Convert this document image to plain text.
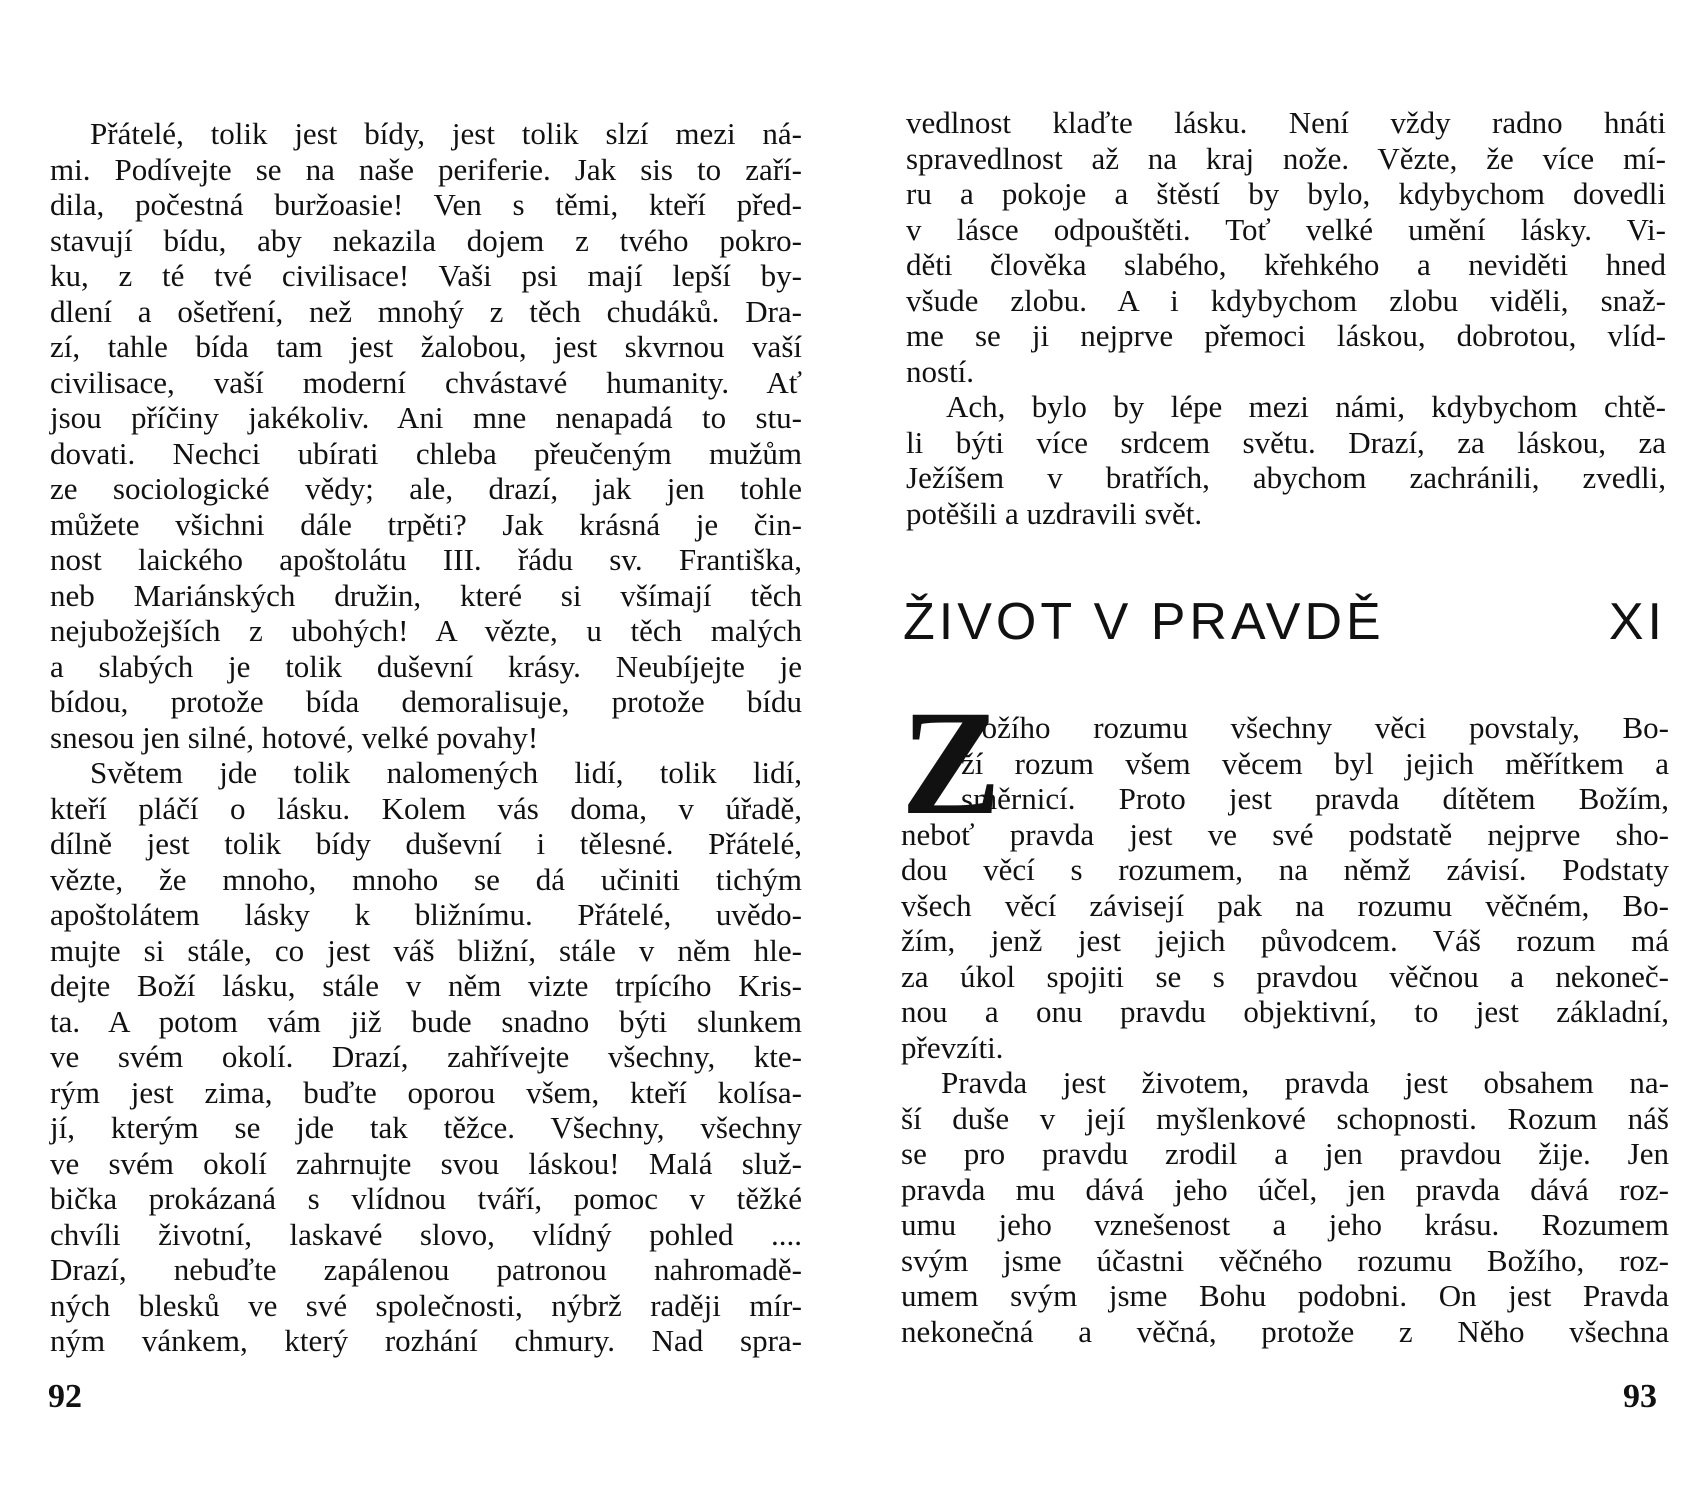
Přátelé, tolik jest bídy, jest tolik slzí mezi ná-
mi. Podívejte se na naše periferie. Jak sis to zaří-
dila, počestná buržoasie! Ven s těmi, kteří před-
stavují bídu, aby nekazila dojem z tvého pokro-
ku, z té tvé civilisace! Vaši psi mají lepší by-
dlení a ošetření, než mnohý z těch chudáků. Dra-
zí, tahle bída tam jest žalobou, jest skvrnou vaší
civilisace, vaší moderní chvástavé humanity. Ať
jsou příčiny jakékoliv. Ani mne nenapadá to stu-
dovati. Nechci ubírati chleba přeučeným mužům
ze sociologické vědy; ale, drazí, jak jen tohle
můžete všichni dále trpěti? Jak krásná je čin-
nost laického apoštolátu III. řádu sv. Františka,
neb Mariánských družin, které si všímají těch
nejubožejších z ubohých! A vězte, u těch malých
a slabých je tolik duševní krásy. Neubíjejte je
bídou, protože bída demoralisuje, protože bídu
snesou jen silné, hotové, velké povahy!
Světem jde tolik nalomených lidí, tolik lidí,
kteří pláčí o lásku. Kolem vás doma, v úřadě,
dílně jest tolik bídy duševní i tělesné. Přátelé,
vězte, že mnoho, mnoho se dá učiniti tichým
apoštolátem lásky k bližnímu. Přátelé, uvědo-
mujte si stále, co jest váš bližní, stále v něm hle-
dejte Boží lásku, stále v něm vizte trpícího Kris-
ta. A potom vám již bude snadno býti slunkem
ve svém okolí. Drazí, zahřívejte všechny, kte-
rým jest zima, buďte oporou všem, kteří kolísa-
jí, kterým se jde tak těžce. Všechny, všechny
ve svém okolí zahrnujte svou láskou! Malá služ-
bička prokázaná s vlídnou tváří, pomoc v těžké
chvíli životní, laskavé slovo, vlídný pohled ....
Drazí, nebuďte zapálenou patronou nahromadě-
ných blesků ve své společnosti, nýbrž raději mír-
ným vánkem, který rozhání chmury. Nad spra-
92
vedlnost klaďte lásku. Není vždy radno hnáti
spravedlnost až na kraj nože. Vězte, že více mí-
ru a pokoje a štěstí by bylo, kdybychom dovedli
v lásce odpouštěti. Toť velké umění lásky. Vi-
děti člověka slabého, křehkého a neviděti hned
všude zlobu. A i kdybychom zlobu viděli, snaž-
me se ji nejprve přemoci láskou, dobrotou, vlíd-
ností.
Ach, bylo by lépe mezi námi, kdybychom chtě-
li býti více srdcem světu. Drazí, za láskou, za
Ježíšem v bratřích, abychom zachránili, zvedli,
potěšili a uzdravili svět.
ŽIVOT V PRAVDĚ	XI
Z
Božího rozumu všechny věci povstaly, Bo-
ží rozum všem věcem byl jejich měřítkem a
směrnicí. Proto jest pravda dítětem Božím,
neboť pravda jest ve své podstatě nejprve sho-
dou věcí s rozumem, na němž závisí. Podstaty
všech věcí závisejí pak na rozumu věčném, Bo-
žím, jenž jest jejich původcem. Váš rozum má
za úkol spojiti se s pravdou věčnou a nekoneč-
nou a onu pravdu objektivní, to jest základní,
převzíti.
Pravda jest životem, pravda jest obsahem na-
ší duše v její myšlenkové schopnosti. Rozum náš
se pro pravdu zrodil a jen pravdou žije. Jen
pravda mu dává jeho účel, jen pravda dává roz-
umu jeho vznešenost a jeho krásu. Rozumem
svým jsme účastni věčného rozumu Božího, roz-
umem svým jsme Bohu podobni. On jest Pravda
nekonečná a věčná, protože z Něho všechna
93
